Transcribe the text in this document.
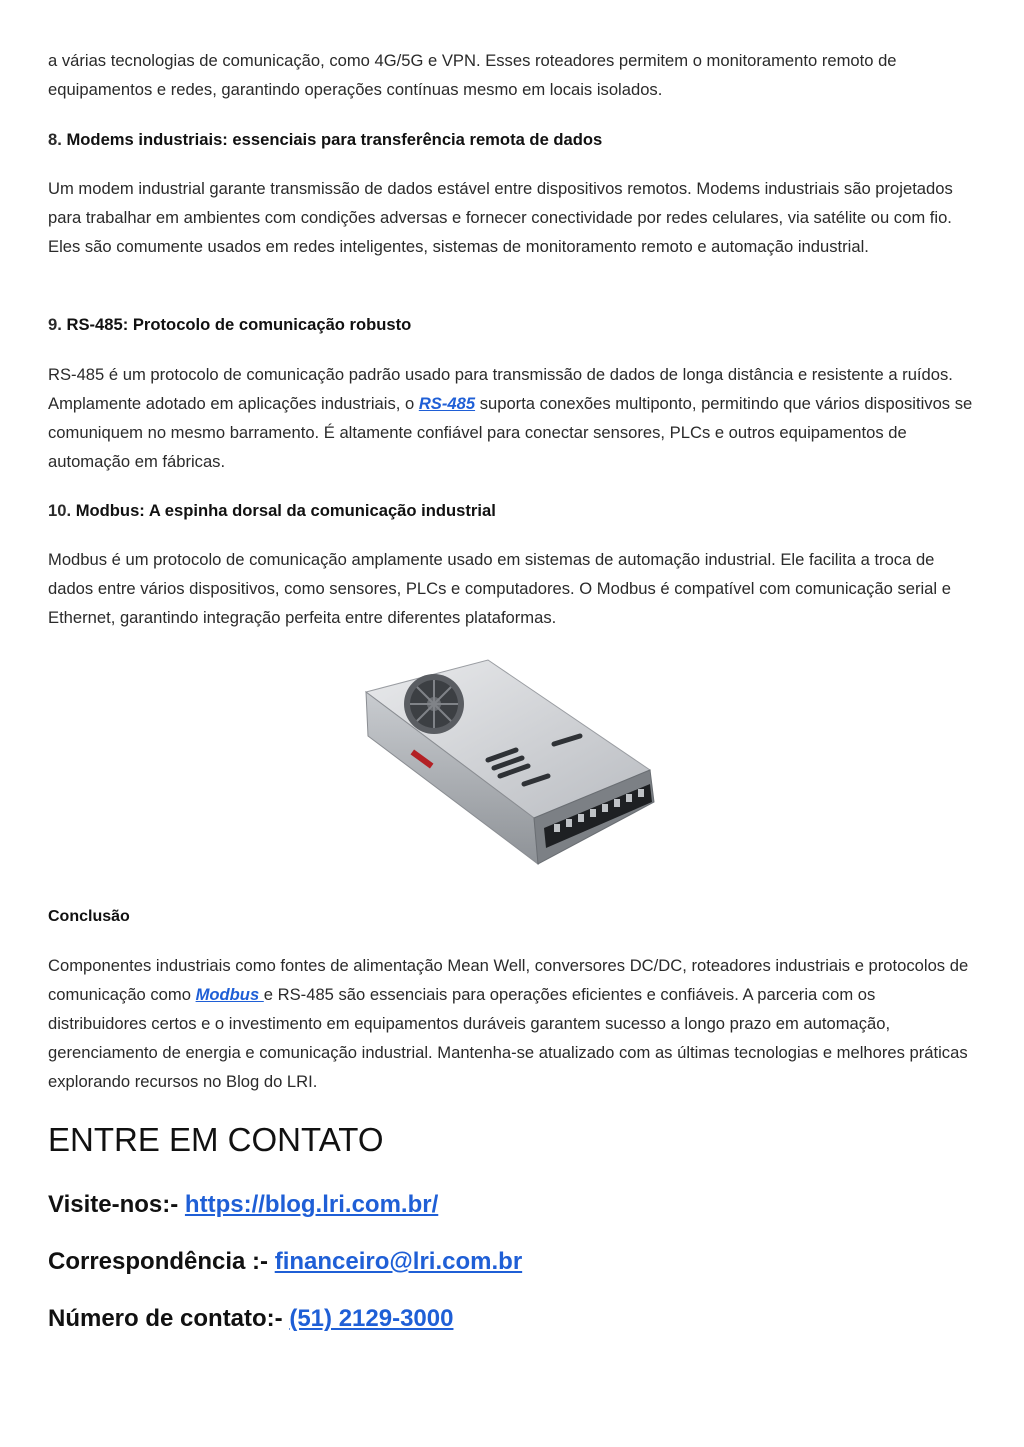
a várias tecnologias de comunicação, como 4G/5G e VPN. Esses roteadores permitem o monitoramento remoto de equipamentos e redes, garantindo operações contínuas mesmo em locais isolados.

8. Modems industriais: essenciais para transferência remota de dados

Um modem industrial garante transmissão de dados estável entre dispositivos remotos. Modems industriais são projetados para trabalhar em ambientes com condições adversas e fornecer conectividade por redes celulares, via satélite ou com fio. Eles são comumente usados em redes inteligentes, sistemas de monitoramento remoto e automação industrial.

9. RS-485: Protocolo de comunicação robusto

RS-485 é um protocolo de comunicação padrão usado para transmissão de dados de longa distância e resistente a ruídos. Amplamente adotado em aplicações industriais, o RS-485 suporta conexões multiponto, permitindo que vários dispositivos se comuniquem no mesmo barramento. É altamente confiável para conectar sensores, PLCs e outros equipamentos de automação em fábricas.

10. Modbus: A espinha dorsal da comunicação industrial

Modbus é um protocolo de comunicação amplamente usado em sistemas de automação industrial. Ele facilita a troca de dados entre vários dispositivos, como sensores, PLCs e computadores. O Modbus é compatível com comunicação serial e Ethernet, garantindo integração perfeita entre diferentes plataformas.

Conclusão

Componentes industriais como fontes de alimentação Mean Well, conversores DC/DC, roteadores industriais e protocolos de comunicação como Modbus e RS-485 são essenciais para operações eficientes e confiáveis. A parceria com os distribuidores certos e o investimento em equipamentos duráveis garantem sucesso a longo prazo em automação, gerenciamento de energia e comunicação industrial. Mantenha-se atualizado com as últimas tecnologias e melhores práticas explorando recursos no Blog do LRI.

ENTRE EM CONTATO

Visite-nos:- https://blog.lri.com.br/

Correspondência :- financeiro@lri.com.br

Número de contato:- (51) 2129-3000
